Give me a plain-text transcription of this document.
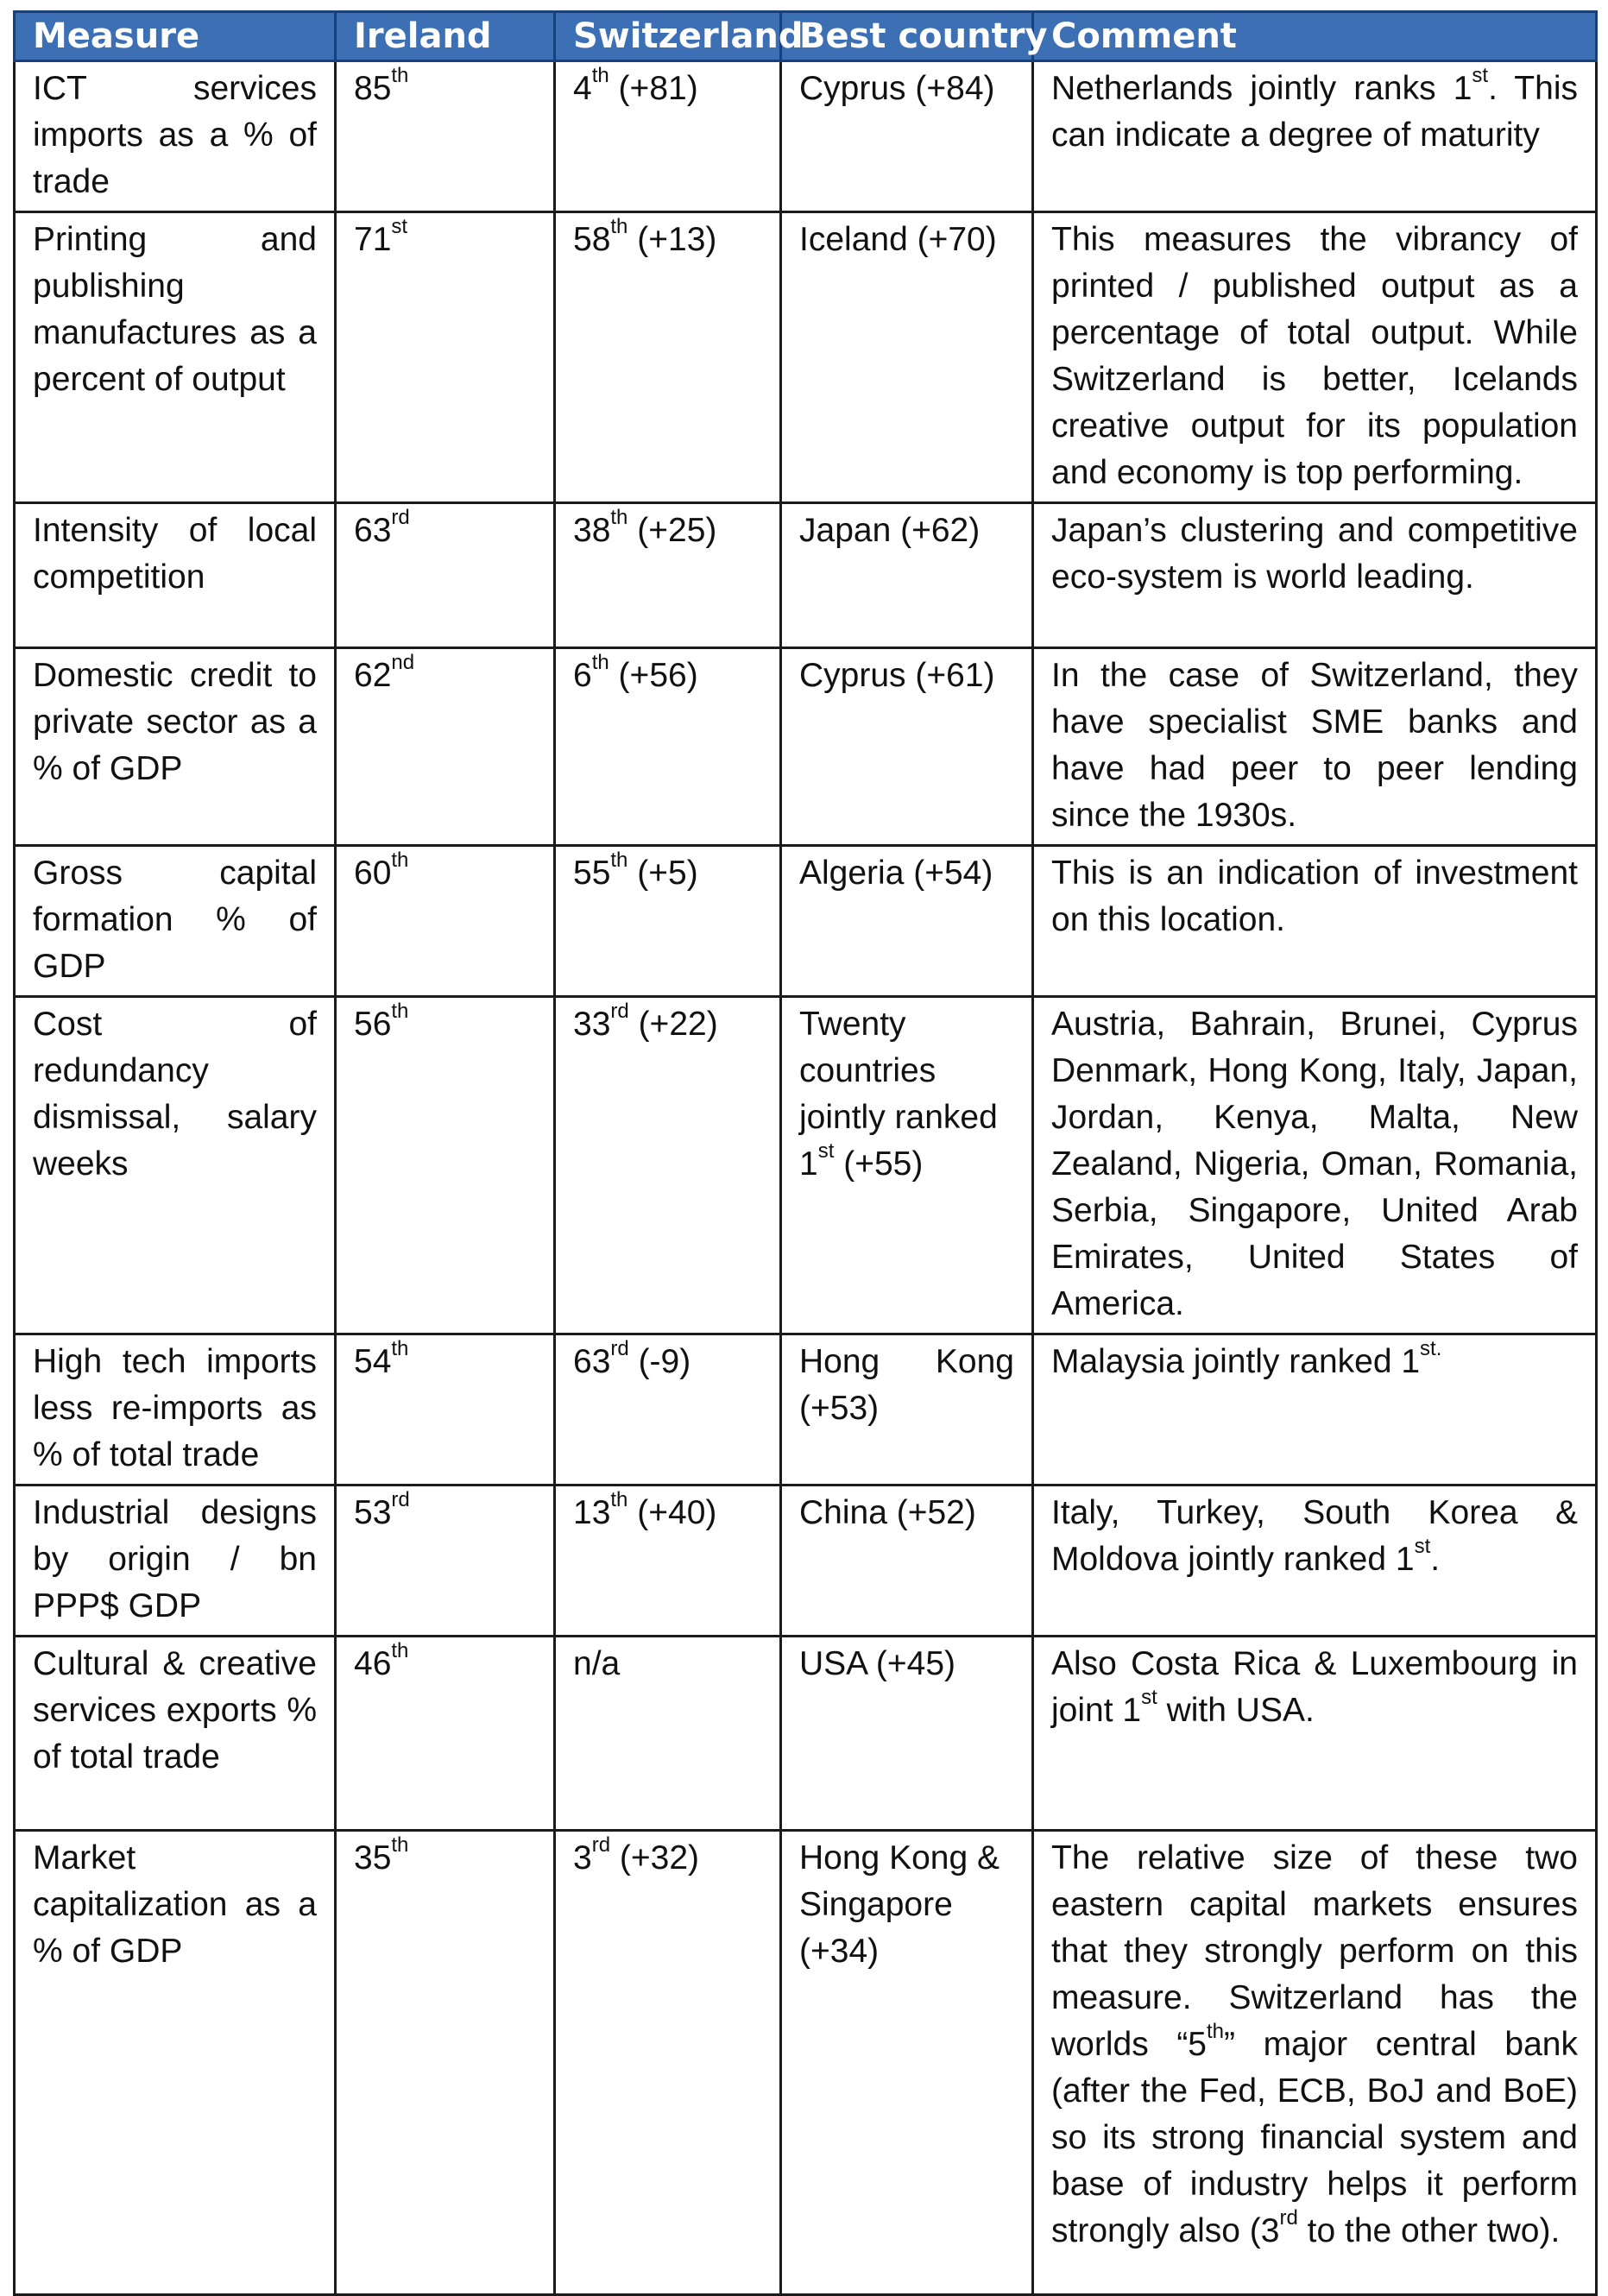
Measure	Ireland	Switzerland	Best country	Comment
ICT services imports as a % of trade	85th	4th (+81)	Cyprus (+84)	Netherlands jointly ranks 1st. This can indicate a degree of maturity
Printing and publishing manufactures as a percent of output	71st	58th (+13)	Iceland (+70)	This measures the vibrancy of printed / published output as a percentage of total output. While Switzerland is better, Icelands creative output for its population and economy is top performing.
Intensity of local competition	63rd	38th (+25)	Japan (+62)	Japan’s clustering and competitive eco-system is world leading.
Domestic credit to private sector as a % of GDP	62nd	6th (+56)	Cyprus (+61)	In the case of Switzerland, they have specialist SME banks and have had peer to peer lending since the 1930s.
Gross capital formation % of GDP	60th	55th (+5)	Algeria (+54)	This is an indication of investment on this location.
Cost of redundancy dismissal, salary weeks	56th	33rd (+22)	Twenty countries jointly ranked 1st (+55)	Austria, Bahrain, Brunei, Cyprus Denmark, Hong Kong, Italy, Japan, Jordan, Kenya, Malta, New Zealand, Nigeria, Oman, Romania, Serbia, Singapore, United Arab Emirates, United States of America.
High tech imports less re-imports as % of total trade	54th	63rd (-9)	Hong Kong (+53)	Malaysia jointly ranked $1^{st.}$
Industrial designs by origin / bn PPP$ GDP	53rd	13th (+40)	China (+52)	Italy, Turkey, South Korea & Moldova jointly ranked 1st.
Cultural & creative services exports % of total trade	46th	n/a	USA (+45)	Also Costa Rica & Luxembourg in joint 1st with USA.
Market capitalization as a % of GDP	35th	3rd (+32)	Hong Kong & Singapore (+34)	The relative size of these two eastern capital markets ensures that they strongly perform on this measure. Switzerland has the worlds “5th” major central bank (after the Fed, ECB, BoJ and BoE) so its strong financial system and base of industry helps it perform strongly also (3rd to the other two).
